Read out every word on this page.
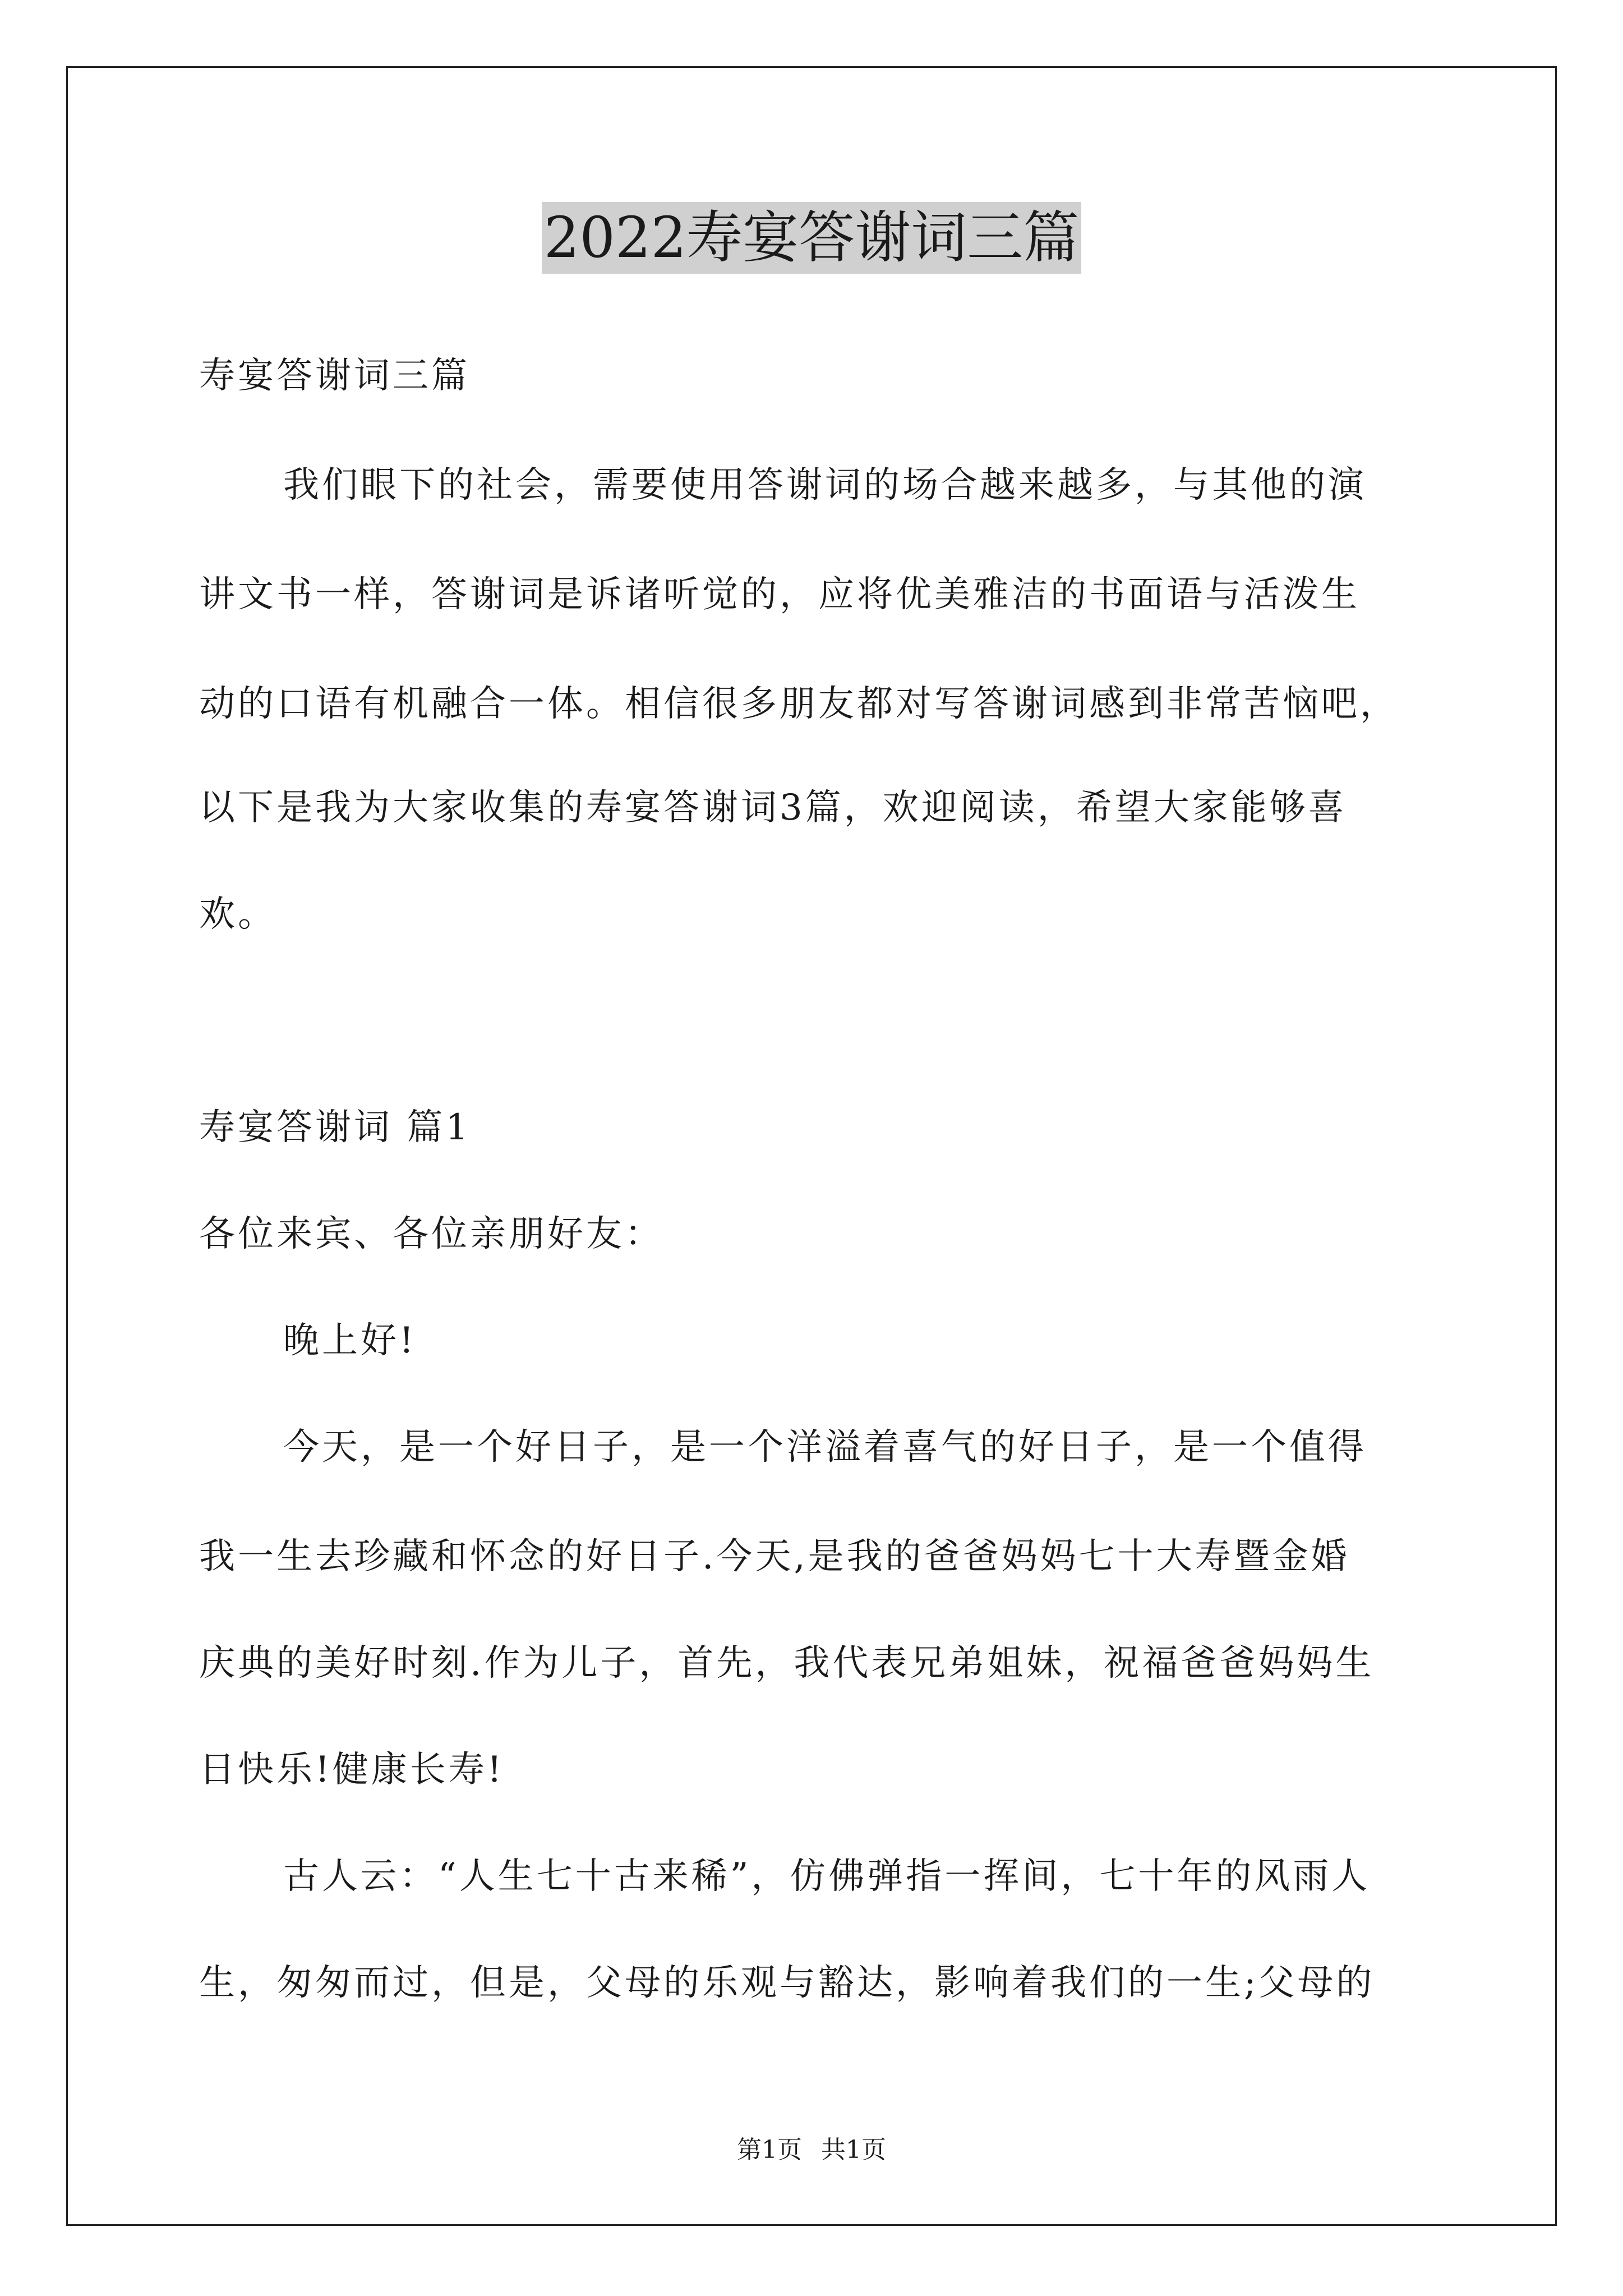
2022寿宴答谢词三篇
寿宴答谢词三篇
我们眼下的社会，需要使用答谢词的场合越来越多，与其他的演
讲文书一样，答谢词是诉诸听觉的，应将优美雅洁的书面语与活泼生
动的口语有机融合一体。相信很多朋友都对写答谢词感到非常苦恼吧，
以下是我为大家收集的寿宴答谢词3篇，欢迎阅读，希望大家能够喜
欢。
寿宴答谢词 篇1
各位来宾、各位亲朋好友：
晚上好!
今天，是一个好日子，是一个洋溢着喜气的好日子，是一个值得
我一生去珍藏和怀念的好日子.今天,是我的爸爸妈妈七十大寿暨金婚
庆典的美好时刻.作为儿子，首先，我代表兄弟姐妹，祝福爸爸妈妈生
日快乐!健康长寿!
古人云：“人生七十古来稀”，仿佛弹指一挥间，七十年的风雨人
生，匆匆而过，但是，父母的乐观与豁达，影响着我们的一生;父母的
第1页 共1页
